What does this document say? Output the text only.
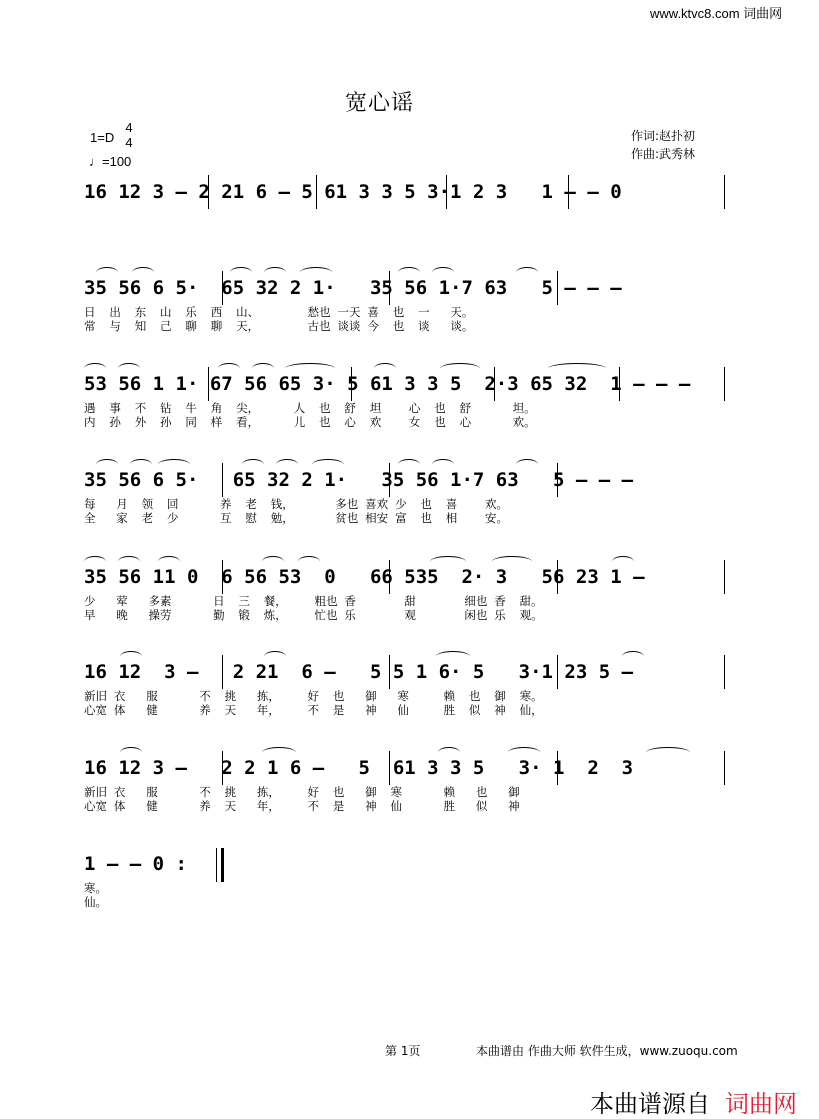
www.ktvc8.com 词曲网
宽心谣
1=D
4
4
♩=100
作词:赵扑初
作曲:武秀林
16 12 3 – 2 21 6 – 5 61 3 3 5 3·1 2 3   1 – – 0
35 56 6 5·  65 32 2 1·   35 56 1·7 63   5 – – –
日  出  东  山  乐  西  山、       愁也 一天 喜  也  一   天。
常  与  知  己  聊  聊  天，       古也 谈谈 今  也  谈   谈。
53 56 1 1· 67 56 65 3· 5 61 3 3 5  2·3 65 32  1 – – –
遇  事  不  钻  牛  角  尖，     人  也  舒  坦    心  也  舒      坦。
内  孙  外  孙  同  样  看，     儿  也  心  欢    女  也  心      欢。
35 56 6 5·   65 32 2 1·   35 56 1·7 63   5 – – –
每   月  领  回      养  老  钱，      多也 喜欢 少  也  喜    欢。
全   家  老  少      互  慰  勉，      贫也 相安 富  也  相    安。
35 56 11 0  6 56 53  0   66 535  2· 3   56 23 1 –
少   荤   多素      日  三  餐，    粗也 香       甜       细也 香  甜。
早   晚   操劳      勤  锻  炼，    忙也 乐       观       闲也 乐  观。
16 12  3 –   2 21  6 –   5 5 1 6· 5   3·1 23 5 –
新旧 衣   服      不  挑   拣，    好  也   御   寒     赖  也  御  寒。
心宽 体   健      养  天   年，    不  是   神   仙     胜  似  神  仙，
16 12 3 –   2 2 1 6 –   5  61 3 3 5   3· 1  2  3
新旧 衣   服      不  挑   拣，    好  也   御  寒      赖   也   御
心宽 体   健      养  天   年，    不  是   神  仙      胜   似   神
1 – – 0 :
寒。
仙。
第 1页	本曲谱由 作曲大师 软件生成，www.zuoqu.com
本曲谱源自 词曲网
